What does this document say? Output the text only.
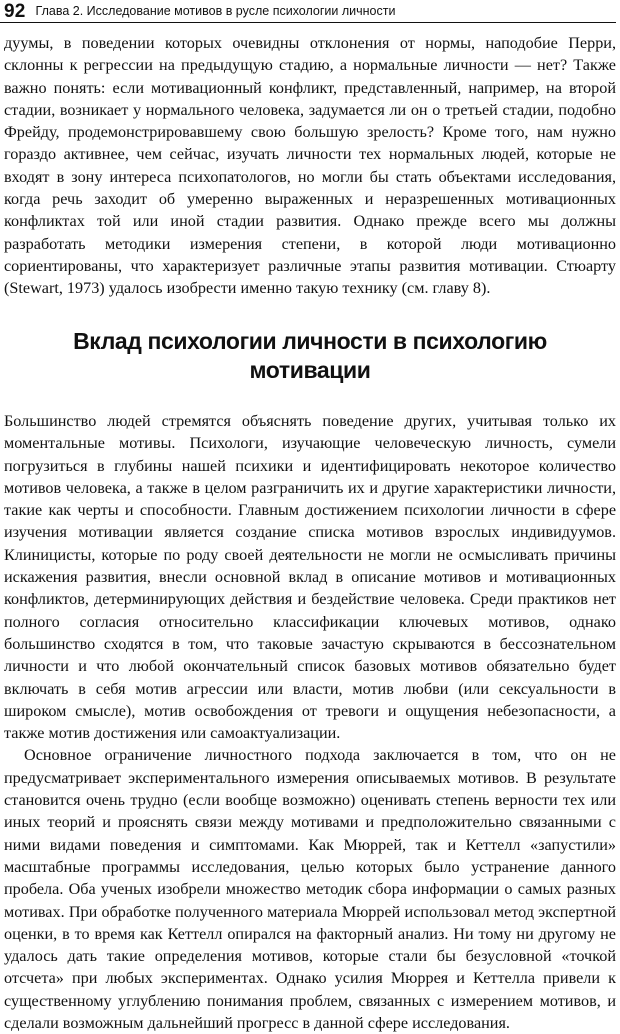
92 Глава 2. Исследование мотивов в русле психологии личности

дуумы, в поведении которых очевидны отклонения от нормы, наподобие Перри, склонны к регрессии на предыдущую стадию, а нормальные личности — нет? Также важно понять: если мотивационный конфликт, представленный, например, на второй стадии, возникает у нормального человека, задумается ли он о третьей стадии, подобно Фрейду, продемонстрировавшему свою большую зрелость? Кроме того, нам нужно гораздо активнее, чем сейчас, изучать личности тех нормальных людей, которые не входят в зону интереса психопатологов, но могли бы стать объектами исследования, когда речь заходит об умеренно выраженных и неразрешенных мотивационных конфликтах той или иной стадии развития. Однако прежде всего мы должны разработать методики измерения степени, в которой люди мотивационно сориентированы, что характеризует различные этапы развития мотивации. Стюарту (Stewart, 1973) удалось изобрести именно такую технику (см. главу 8).

Вклад психологии личности в психологию
мотивации

Большинство людей стремятся объяснять поведение других, учитывая только их моментальные мотивы. Психологи, изучающие человеческую личность, сумели погрузиться в глубины нашей психики и идентифицировать некоторое количество мотивов человека, а также в целом разграничить их и другие характеристики личности, такие как черты и способности. Главным достижением психологии личности в сфере изучения мотивации является создание списка мотивов взрослых индивидуумов. Клиницисты, которые по роду своей деятельности не могли не осмысливать причины искажения развития, внесли основной вклад в описание мотивов и мотивационных конфликтов, детерминирующих действия и бездействие человека. Среди практиков нет полного согласия относительно классификации ключевых мотивов, однако большинство сходятся в том, что таковые зачастую скрываются в бессознательном личности и что любой окончательный список базовых мотивов обязательно будет включать в себя мотив агрессии или власти, мотив любви (или сексуальности в широком смысле), мотив освобождения от тревоги и ощущения небезопасности, а также мотив достижения или самоактуализации.

Основное ограничение личностного подхода заключается в том, что он не предусматривает экспериментального измерения описываемых мотивов. В результате становится очень трудно (если вообще возможно) оценивать степень верности тех или иных теорий и прояснять связи между мотивами и предположительно связанными с ними видами поведения и симптомами. Как Мюррей, так и Кеттелл «запустили» масштабные программы исследования, целью которых было устранение данного пробела. Оба ученых изобрели множество методик сбора информации о самых разных мотивах. При обработке полученного материала Мюррей использовал метод экспертной оценки, в то время как Кеттелл опирался на факторный анализ. Ни тому ни другому не удалось дать такие определения мотивов, которые стали бы безусловной «точкой отсчета» при любых экспериментах. Однако усилия Мюррея и Кеттелла привели к существенному углублению понимания проблем, связанных с измерением мотивов, и сделали возможным дальнейший прогресс в данной сфере исследования.
